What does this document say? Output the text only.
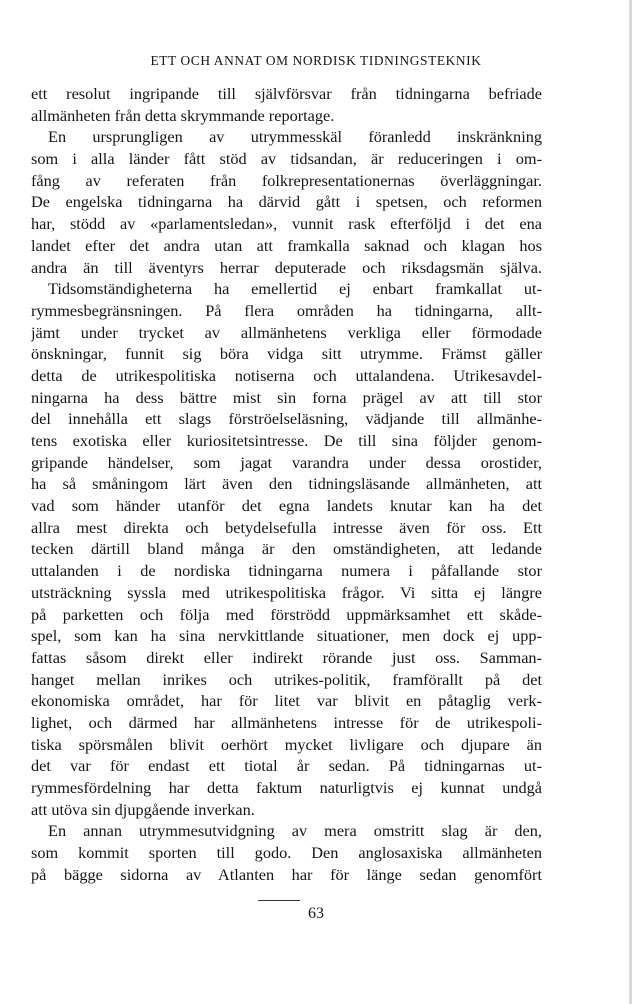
ETT OCH ANNAT OM NORDISK TIDNINGSTEKNIK
ett resolut ingripande till självförsvar från tidningarna befriade
allmänheten från detta skrymmande reportage.
En ursprungligen av utrymmesskäl föranledd inskränkning
som i alla länder fått stöd av tidsandan, är reduceringen i om-
fång av referaten från folkrepresentationernas överläggningar.
De engelska tidningarna ha därvid gått i spetsen, och reformen
har, stödd av «parlamentsledan», vunnit rask efterföljd i det ena
landet efter det andra utan att framkalla saknad och klagan hos
andra än till äventyrs herrar deputerade och riksdagsmän själva.
Tidsomständigheterna ha emellertid ej enbart framkallat ut-
rymmesbegränsningen. På flera områden ha tidningarna, allt-
jämt under trycket av allmänhetens verkliga eller förmodade
önskningar, funnit sig böra vidga sitt utrymme. Främst gäller
detta de utrikespolitiska notiserna och uttalandena. Utrikesavdel-
ningarna ha dess bättre mist sin forna prägel av att till stor
del innehålla ett slags förströelseläsning, vädjande till allmänhe-
tens exotiska eller kuriositetsintresse. De till sina följder genom-
gripande händelser, som jagat varandra under dessa orostider,
ha så småningom lärt även den tidningsläsande allmänheten, att
vad som händer utanför det egna landets knutar kan ha det
allra mest direkta och betydelsefulla intresse även för oss. Ett
tecken därtill bland många är den omständigheten, att ledande
uttalanden i de nordiska tidningarna numera i påfallande stor
utsträckning syssla med utrikespolitiska frågor. Vi sitta ej längre
på parketten och följa med förströdd uppmärksamhet ett skåde-
spel, som kan ha sina nervkittlande situationer, men dock ej upp-
fattas såsom direkt eller indirekt rörande just oss. Samman-
hanget mellan inrikes och utrikes-politik, framförallt på det
ekonomiska området, har för litet var blivit en påtaglig verk-
lighet, och därmed har allmänhetens intresse för de utrikespoli-
tiska spörsmålen blivit oerhört mycket livligare och djupare än
det var för endast ett tiotal år sedan. På tidningarnas ut-
rymmesfördelning har detta faktum naturligtvis ej kunnat undgå
att utöva sin djupgående inverkan.
En annan utrymmesutvidgning av mera omstritt slag är den,
som kommit sporten till godo. Den anglosaxiska allmänheten
på bägge sidorna av Atlanten har för länge sedan genomfört
63
